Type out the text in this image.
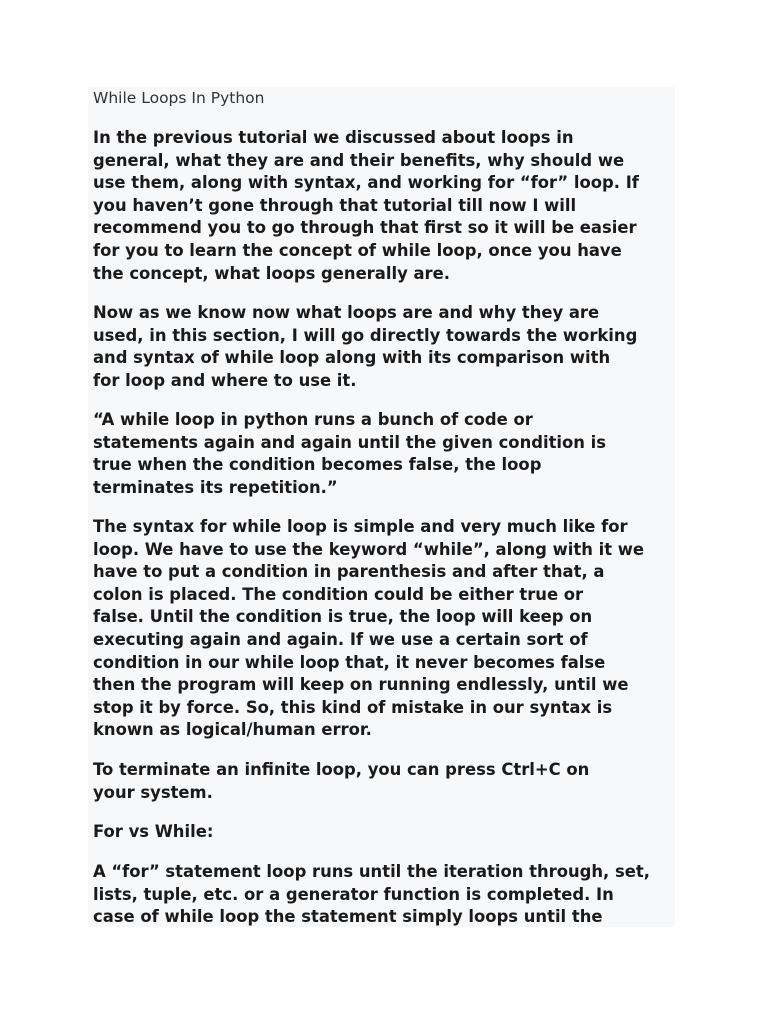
While Loops In Python

In the previous tutorial we discussed about loops in
general, what they are and their benefits, why should we
use them, along with syntax, and working for “for” loop. If
you haven’t gone through that tutorial till now I will
recommend you to go through that first so it will be easier
for you to learn the concept of while loop, once you have
the concept, what loops generally are.

Now as we know now what loops are and why they are
used, in this section, I will go directly towards the working
and syntax of while loop along with its comparison with
for loop and where to use it.

“A while loop in python runs a bunch of code or
statements again and again until the given condition is
true when the condition becomes false, the loop
terminates its repetition.”

The syntax for while loop is simple and very much like for
loop. We have to use the keyword “while”, along with it we
have to put a condition in parenthesis and after that, a
colon is placed. The condition could be either true or
false. Until the condition is true, the loop will keep on
executing again and again. If we use a certain sort of
condition in our while loop that, it never becomes false
then the program will keep on running endlessly, until we
stop it by force. So, this kind of mistake in our syntax is
known as logical/human error.

To terminate an infinite loop, you can press Ctrl+C on
your system.

For vs While:

A “for” statement loop runs until the iteration through, set,
lists, tuple, etc. or a generator function is completed. In
case of while loop the statement simply loops until the
